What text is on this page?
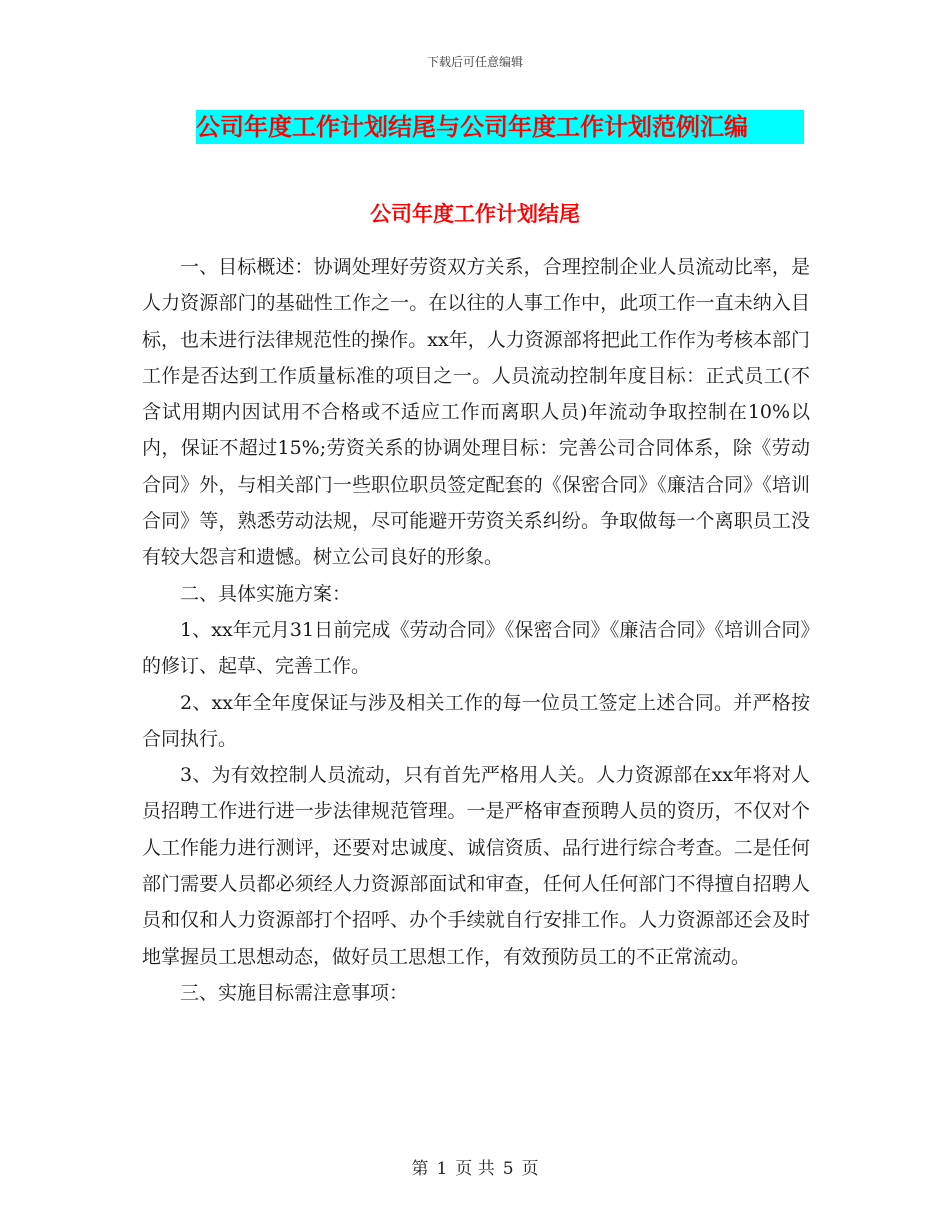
下载后可任意编辑
公司年度工作计划结尾与公司年度工作计划范例汇编
公司年度工作计划结尾

一、目标概述：协调处理好劳资双方关系，合理控制企业人员流动比率，是人力资源部门的基础性工作之一。在以往的人事工作中，此项工作一直未纳入目标，也未进行法律规范性的操作。xx年，人力资源部将把此工作作为考核本部门工作是否达到工作质量标准的项目之一。人员流动控制年度目标：正式员工(不含试用期内因试用不合格或不适应工作而离职人员)年流动争取控制在10%以内，保证不超过15%;劳资关系的协调处理目标：完善公司合同体系，除《劳动合同》外，与相关部门一些职位职员签定配套的《保密合同》《廉洁合同》《培训合同》等，熟悉劳动法规，尽可能避开劳资关系纠纷。争取做每一个离职员工没有较大怨言和遗憾。树立公司良好的形象。

二、具体实施方案：

1、xx年元月31日前完成《劳动合同》《保密合同》《廉洁合同》《培训合同》的修订、起草、完善工作。

2、xx年全年度保证与涉及相关工作的每一位员工签定上述合同。并严格按合同执行。

3、为有效控制人员流动，只有首先严格用人关。人力资源部在xx年将对人员招聘工作进行进一步法律规范管理。一是严格审查预聘人员的资历，不仅对个人工作能力进行测评，还要对忠诚度、诚信资质、品行进行综合考查。二是任何部门需要人员都必须经人力资源部面试和审查，任何人任何部门不得擅自招聘人员和仅和人力资源部打个招呼、办个手续就自行安排工作。人力资源部还会及时地掌握员工思想动态，做好员工思想工作，有效预防员工的不正常流动。

三、实施目标需注意事项：

第 1 页 共 5 页
